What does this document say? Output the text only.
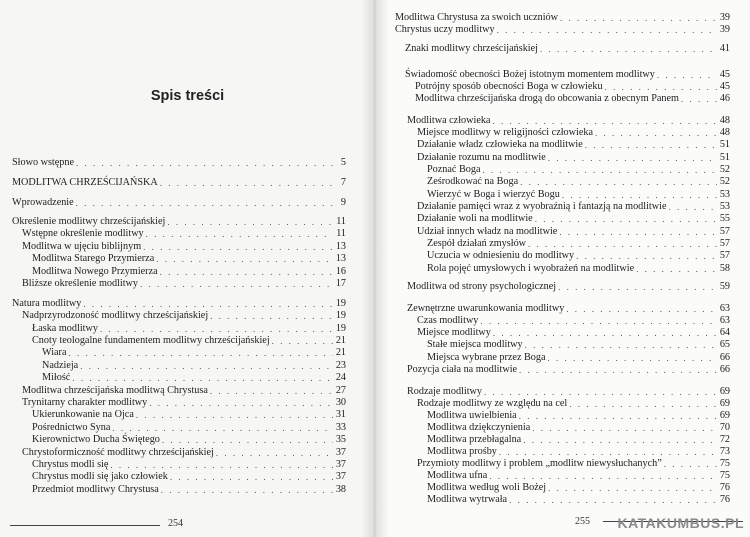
Spis treści
Słowo wstępne . . .	5
MODLITWA CHRZEŚCIJAŃSKA . . .	7
Wprowadzenie . . .	9
Określenie modlitwy chrześcijańskiej . . .	11
Wstępne określenie modlitwy . . .	11
Modlitwa w ujęciu biblijnym . . .	13
Modlitwa Starego Przymierza . . .	13
Modlitwa Nowego Przymierza . . .	16
Bliższe określenie modlitwy . . .	17
Natura modlitwy . . .	19
Nadprzyrodzoność modlitwy chrześcijańskiej . . .	19
Łaska modlitwy . . .	19
Cnoty teologalne fundamentem modlitwy chrześcijańskiej . . .	21
Wiara . . .	21
Nadzieja . . .	23
Miłość . . .	24
Modlitwa chrześcijańska modlitwą Chrystusa . . .	27
Trynitarny charakter modlitwy . . .	30
Ukierunkowanie na Ojca . . .	31
Pośrednictwo Syna . . .	33
Kierownictwo Ducha Świętego . . .	35
Chrystoformiczność modlitwy chrześcijańskiej . . .	37
Chrystus modli się . . .	37
Chrystus modli się jako człowiek . . .	37
Przedmiot modlitwy Chrystusa . . .	38
254
Modlitwa Chrystusa za swoich uczniów . . .	39
Chrystus uczy modlitwy . . .	39
Znaki modlitwy chrześcijańskiej . . .	41
Świadomość obecności Bożej istotnym momentem modlitwy . . .	45
Potrójny sposób obecności Boga w człowieku . . .	45
Modlitwa chrześcijańska drogą do obcowania z obecnym Panem . . .	46
Modlitwa człowieka . . .	48
Miejsce modlitwy w religijności człowieka . . .	48
Działanie władz człowieka na modlitwie . . .	51
Działanie rozumu na modlitwie . . .	51
Poznać Boga . . .	52
Ześrodkować na Boga . . .	52
Wierzyć w Boga i wierzyć Bogu . . .	53
Działanie pamięci wraz z wyobraźnią i fantazją na modlitwie . . .	53
Działanie woli na modlitwie . . .	55
Udział innych władz na modlitwie . . .	57
Zespół działań zmysłów . . .	57
Uczucia w odniesieniu do modlitwy . . .	57
Rola pojęć umysłowych i wyobrażeń na modlitwie . . .	58
Modlitwa od strony psychologicznej . . .	59
Zewnętrzne uwarunkowania modlitwy . . .	63
Czas modlitwy . . .	63
Miejsce modlitwy . . .	64
Stałe miejsca modlitwy . . .	65
Miejsca wybrane przez Boga . . .	66
Pozycja ciała na modlitwie . . .	66
Rodzaje modlitwy . . .	69
Rodzaje modlitwy ze względu na cel . . .	69
Modlitwa uwielbienia . . .	69
Modlitwa dziękczynienia . . .	70
Modlitwa przebłagalna . . .	72
Modlitwa prośby . . .	73
Przymioty modlitwy i problem „modlitw niewysłuchanych” . . .	75
Modlitwa ufna . . .	75
Modlitwa według woli Bożej . . .	76
Modlitwa wytrwała . . .	76
255 KATAKUMBUS.PL
